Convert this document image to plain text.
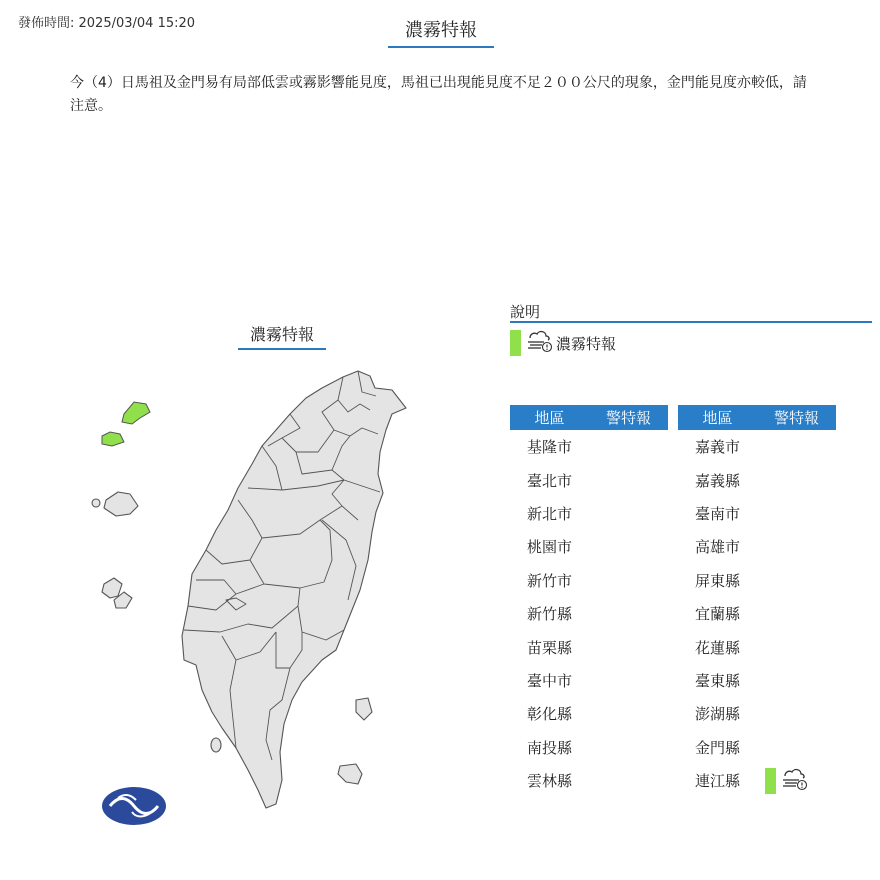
發佈時間: 2025/03/04 15:20	濃霧特報
今（4）日馬祖及金門易有局部低雲或霧影響能見度，馬祖已出現能見度不足２００公尺的現象，金門能見度亦較低，請注意。
濃霧特報
說明
濃霧特報
地區	警特報
基隆市	
臺北市	
新北市	
桃園市	
新竹市	
新竹縣	
苗栗縣	
臺中市	
彰化縣	
南投縣	
雲林縣	
地區	警特報
嘉義市	
嘉義縣	
臺南市	
高雄市	
屏東縣	
宜蘭縣	
花蓮縣	
臺東縣	
澎湖縣	
金門縣	
連江縣	
